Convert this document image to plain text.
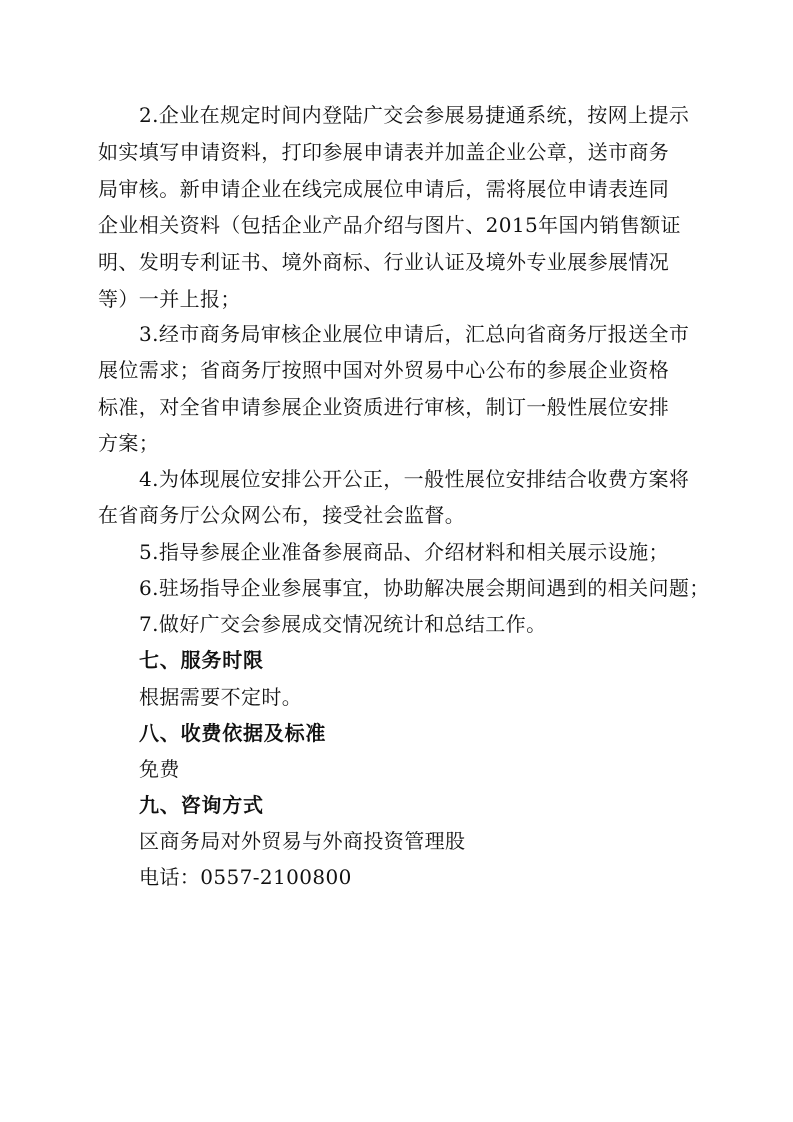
2.企业在规定时间内登陆广交会参展易捷通系统，按网上提示
如实填写申请资料，打印参展申请表并加盖企业公章，送市商务
局审核。新申请企业在线完成展位申请后，需将展位申请表连同
企业相关资料（包括企业产品介绍与图片、2015年国内销售额证
明、发明专利证书、境外商标、行业认证及境外专业展参展情况
等）一并上报；
3.经市商务局审核企业展位申请后，汇总向省商务厅报送全市
展位需求；省商务厅按照中国对外贸易中心公布的参展企业资格
标准，对全省申请参展企业资质进行审核，制订一般性展位安排
方案；
4.为体现展位安排公开公正，一般性展位安排结合收费方案将
在省商务厅公众网公布，接受社会监督。
5.指导参展企业准备参展商品、介绍材料和相关展示设施；
6.驻场指导企业参展事宜，协助解决展会期间遇到的相关问题；
7.做好广交会参展成交情况统计和总结工作。
七、服务时限
根据需要不定时。
八、收费依据及标准
免费
九、咨询方式
区商务局对外贸易与外商投资管理股
电话：0557-2100800
